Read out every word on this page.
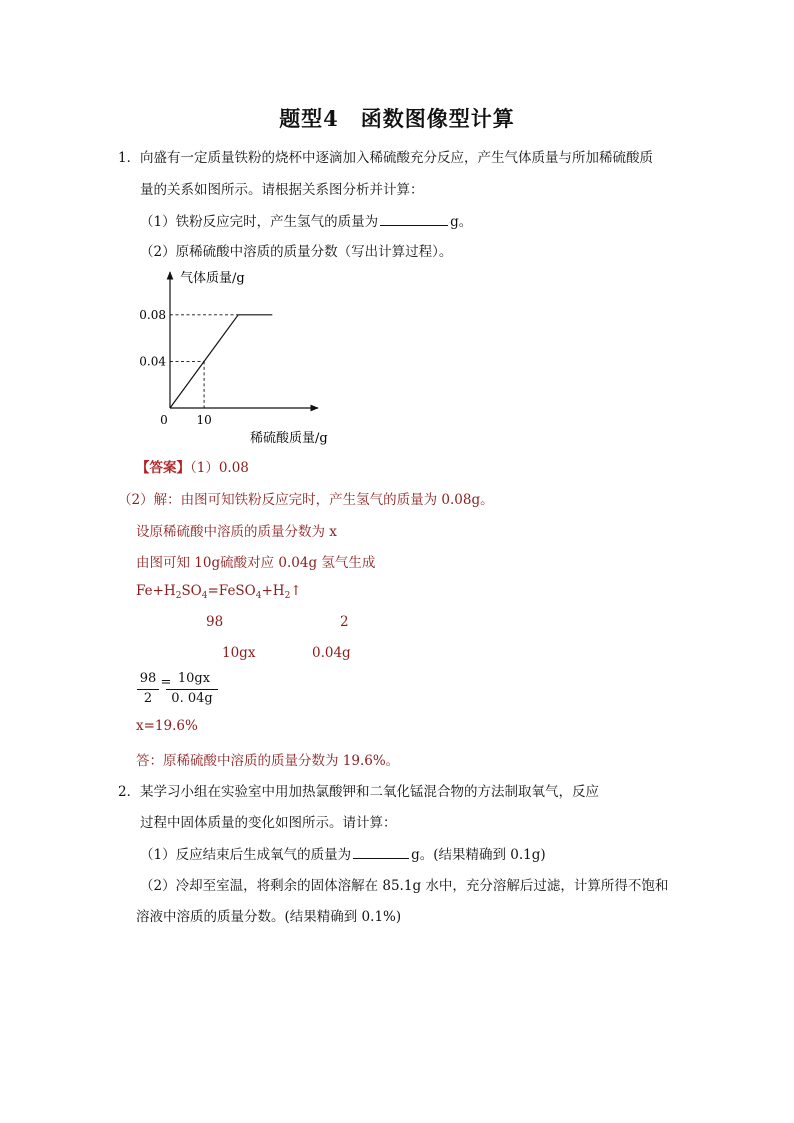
题型4　函数图像型计算
1． 向盛有一定质量铁粉的烧杯中逐滴加入稀硫酸充分反应，产生气体质量与所加稀硫酸质
量的关系如图所示。请根据关系图分析并计算：
（1）铁粉反应完时，产生氢气的质量为	g。
（2）原稀硫酸中溶质的质量分数（写出计算过程）。
气体质量/g
稀硫酸质量/g
0.04
0.08
0 10
【答案】（1）0.08
（2）解：由图可知铁粉反应完时，产生氢气的质量为 0.08g。
设原稀硫酸中溶质的质量分数为 x
由图可知 10g硫酸对应 0.04g 氢气生成
$Fe+H_2SO_4=FeSO_4+H_2↑$
98	2
10gx	0.04g
98
2
= 10gx
0. 04g
x=19.6%
答：原稀硫酸中溶质的质量分数为 19.6%。
2． 某学习小组在实验室中用加热氯酸钾和二氧化锰混合物的方法制取氧气，反应
过程中固体质量的变化如图所示。请计算：
（1）反应结束后生成氧气的质量为	g。(结果精确到 0.1g)
（2）冷却至室温，将剩余的固体溶解在 85.1g 水中，充分溶解后过滤，计算所得不饱和
溶液中溶质的质量分数。(结果精确到 0.1%)
